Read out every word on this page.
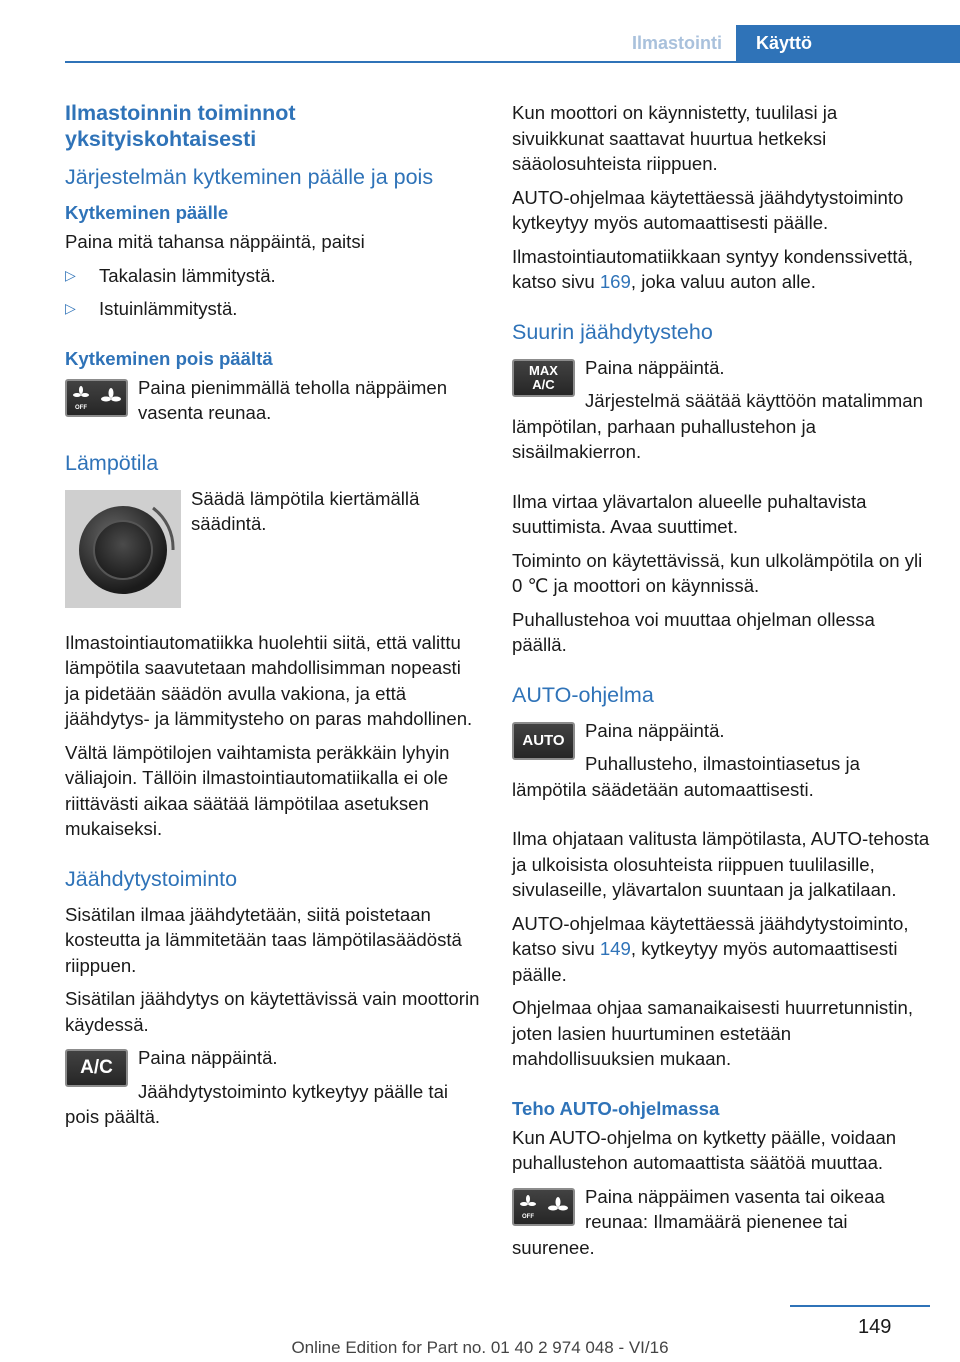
Ilmastointi	Käyttö
Ilmastoinnin toiminnot yksityiskohtaisesti
Järjestelmän kytkeminen päälle ja pois
Kytkeminen päälle

Paina mitä tahansa näppäintä, paitsi

▷ Takalasin lämmitystä.
▷ Istuinlämmitystä.
Kytkeminen pois päältä
OFF

Paina pienimmällä teholla näppäimen vasenta reunaa.

Lämpötila

Säädä lämpötila kiertämällä säädintä.

Ilmastointiautomatiikka huolehtii siitä, että valittu lämpötila saavutetaan mahdollisimman nopeasti ja pidetään säädön avulla vakiona, ja että jäähdytys- ja lämmitysteho on paras mahdollinen.

Vältä lämpötilojen vaihtamista peräkkäin lyhyin väliajoin. Tällöin ilmastointiautomatiikalla ei ole riittävästi aikaa säätää lämpötilaa asetuksen mukaiseksi.

Jäähdytystoiminto

Sisätilan ilmaa jäähdytetään, siitä poistetaan kosteutta ja lämmitetään taas lämpötilasäädöstä riippuen.

Sisätilan jäähdytys on käytettävissä vain moottorin käydessä.

A/C	Paina näppäintä.

Jäähdytystoiminto kytkeytyy päälle tai pois päältä.

Kun moottori on käynnistetty, tuulilasi ja sivuikkunat saattavat huurtua hetkeksi sääolosuhteista riippuen.

AUTO-ohjelmaa käytettäessä jäähdytystoiminto kytkeytyy myös automaattisesti päälle.

Ilmastointiautomatiikkaan syntyy kondenssivettä, katso sivu 169, joka valuu auton alle.

Suurin jäähdytysteho
MAX
A/C

Paina näppäintä.

Järjestelmä säätää käyttöön matalimman lämpötilan, parhaan puhallustehon ja sisäilmakierron.

Ilma virtaa ylävartalon alueelle puhaltavista suuttimista. Avaa suuttimet.

Toiminto on käytettävissä, kun ulkolämpötila on yli 0 ℃ ja moottori on käynnissä.

Puhallustehoa voi muuttaa ohjelman ollessa päällä.

AUTO-ohjelma
AUTO	Paina näppäintä.

Puhallusteho, ilmastointiasetus ja lämpötila säädetään automaattisesti.

Ilma ohjataan valitusta lämpötilasta, AUTO-tehosta ja ulkoisista olosuhteista riippuen tuulilasille, sivulaseille, ylävartalon suuntaan ja jalkatilaan.

AUTO-ohjelmaa käytettäessä jäähdytystoiminto, katso sivu 149, kytkeytyy myös automaattisesti päälle.

Ohjelmaa ohjaa samanaikaisesti huurretunnistin, joten lasien huurtuminen estetään mahdollisuuksien mukaan.

Teho AUTO-ohjelmassa

Kun AUTO-ohjelma on kytketty päälle, voidaan puhallustehon automaattista säätöä muuttaa.

OFF

Paina näppäimen vasenta tai oikeaa reunaa: Ilmamäärä pienenee tai suurenee.

149
Online Edition for Part no. 01 40 2 974 048 - VI/16
